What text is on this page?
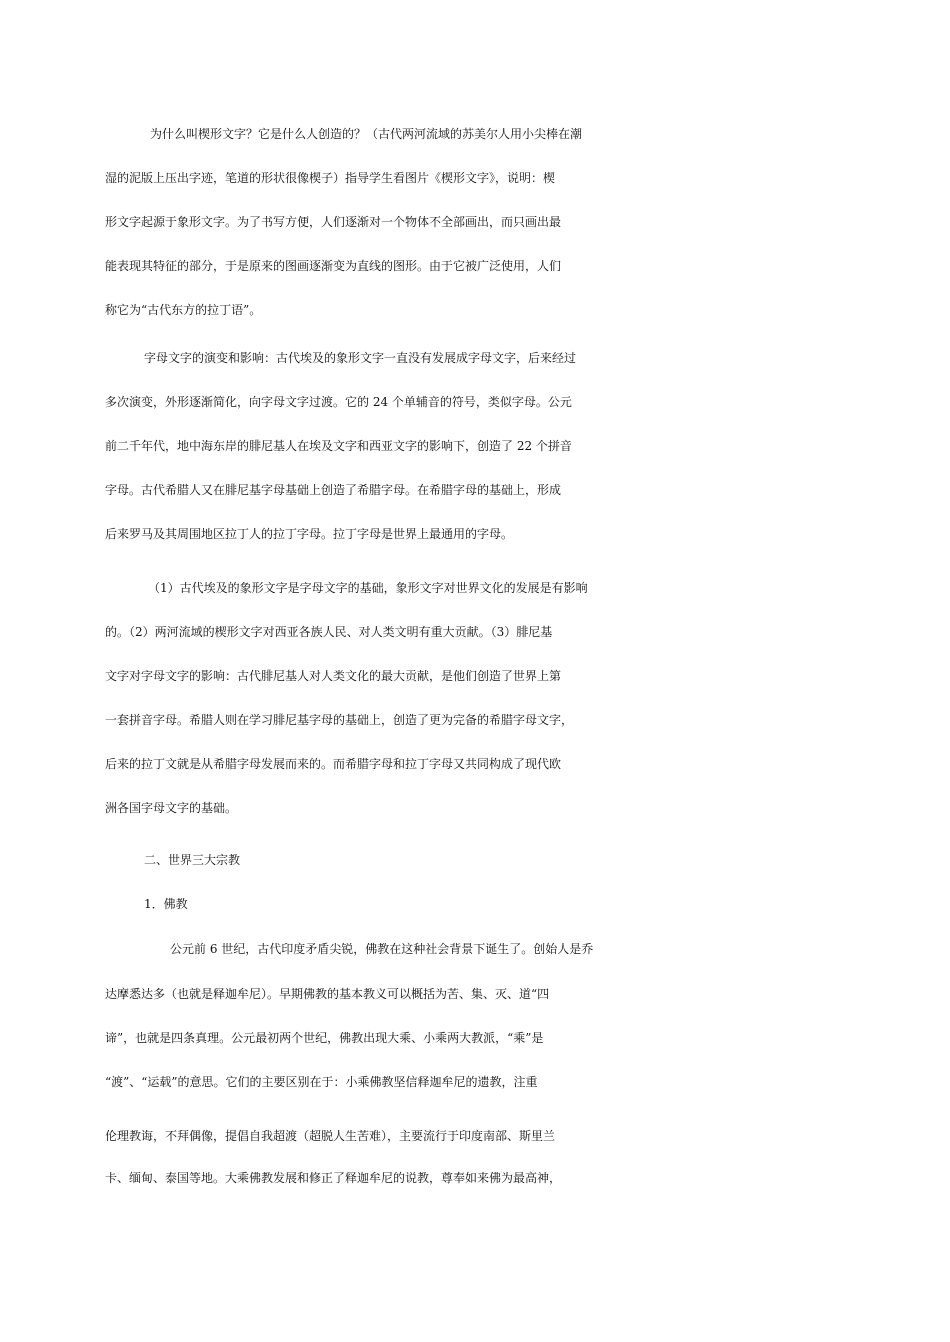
为什么叫楔形文字？它是什么人创造的？（古代两河流域的苏美尔人用小尖棒在潮
湿的泥版上压出字迹，笔道的形状很像楔子）指导学生看图片《楔形文字》，说明：楔
形文字起源于象形文字。为了书写方便，人们逐渐对一个物体不全部画出，而只画出最
能表现其特征的部分，于是原来的图画逐渐变为直线的图形。由于它被广泛使用，人们
称它为“古代东方的拉丁语”。
字母文字的演变和影响：古代埃及的象形文字一直没有发展成字母文字，后来经过
多次演变，外形逐渐简化，向字母文字过渡。它的 24 个单辅音的符号，类似字母。公元
前二千年代，地中海东岸的腓尼基人在埃及文字和西亚文字的影响下，创造了 22 个拼音
字母。古代希腊人又在腓尼基字母基础上创造了希腊字母。在希腊字母的基础上，形成
后来罗马及其周围地区拉丁人的拉丁字母。拉丁字母是世界上最通用的字母。
（1）古代埃及的象形文字是字母文字的基础，象形文字对世界文化的发展是有影响
的。（2）两河流域的楔形文字对西亚各族人民、对人类文明有重大贡献。（3）腓尼基
文字对字母文字的影响：古代腓尼基人对人类文化的最大贡献，是他们创造了世界上第
一套拼音字母。希腊人则在学习腓尼基字母的基础上，创造了更为完备的希腊字母文字，
后来的拉丁文就是从希腊字母发展而来的。而希腊字母和拉丁字母又共同构成了现代欧
洲各国字母文字的基础。
二、世界三大宗教
1．佛教
公元前 6 世纪，古代印度矛盾尖锐，佛教在这种社会背景下诞生了。创始人是乔
达摩悉达多（也就是释迦牟尼）。早期佛教的基本教义可以概括为苦、集、灭、道“四
谛”，也就是四条真理。公元最初两个世纪，佛教出现大乘、小乘两大教派，“乘”是
“渡”、“运载”的意思。它们的主要区别在于：小乘佛教坚信释迦牟尼的遗教，注重
伦理教诲，不拜偶像，提倡自我超渡（超脱人生苦难），主要流行于印度南部、斯里兰
卡、缅甸、泰国等地。大乘佛教发展和修正了释迦牟尼的说教，尊奉如来佛为最高神，
